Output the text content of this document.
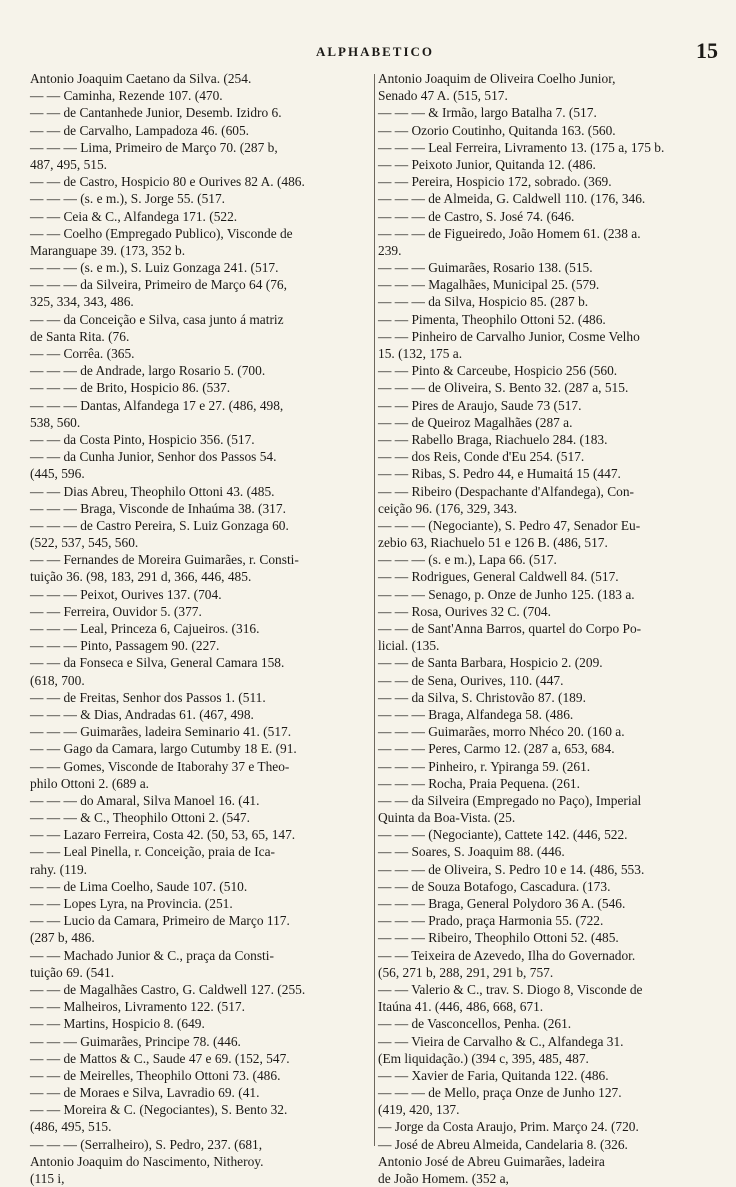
ALPHABETICO	15
Antonio Joaquim Caetano da Silva. (254.
— — Caminha, Rezende 107. (470.
— — de Cantanhede Junior, Desemb. Izidro 6.
— — de Carvalho, Lampadoza 46. (605.
— — — Lima, Primeiro de Março 70. (287 b,
487, 495, 515.
— — de Castro, Hospicio 80 e Ourives 82 A. (486.
— — — (s. e m.), S. Jorge 55. (517.
— — Ceia & C., Alfandega 171. (522.
— — Coelho (Empregado Publico), Visconde de
Maranguape 39. (173, 352 b.
— — — (s. e m.), S. Luiz Gonzaga 241. (517.
— — — da Silveira, Primeiro de Março 64 (76,
325, 334, 343, 486.
— — da Conceição e Silva, casa junto á matriz
de Santa Rita. (76.
— — Corrêa. (365.
— — — de Andrade, largo Rosario 5. (700.
— — — de Brito, Hospicio 86. (537.
— — — Dantas, Alfandega 17 e 27. (486, 498,
538, 560.
— — da Costa Pinto, Hospicio 356. (517.
— — da Cunha Junior, Senhor dos Passos 54.
(445, 596.
— — Dias Abreu, Theophilo Ottoni 43. (485.
— — — Braga, Visconde de Inhaúma 38. (317.
— — — de Castro Pereira, S. Luiz Gonzaga 60.
(522, 537, 545, 560.
— — Fernandes de Moreira Guimarães, r. Consti-
tuição 36. (98, 183, 291 d, 366, 446, 485.
— — — Peixot, Ourives 137. (704.
— — Ferreira, Ouvidor 5. (377.
— — — Leal, Princeza 6, Cajueiros. (316.
— — — Pinto, Passagem 90. (227.
— — da Fonseca e Silva, General Camara 158.
(618, 700.
— — de Freitas, Senhor dos Passos 1. (511.
— — — & Dias, Andradas 61. (467, 498.
— — — Guimarães, ladeira Seminario 41. (517.
— — Gago da Camara, largo Cutumby 18 E. (91.
— — Gomes, Visconde de Itaborahy 37 e Theo-
philo Ottoni 2. (689 a.
— — — do Amaral, Silva Manoel 16. (41.
— — — & C., Theophilo Ottoni 2. (547.
— — Lazaro Ferreira, Costa 42. (50, 53, 65, 147.
— — Leal Pinella, r. Conceição, praia de Ica-
rahy. (119.
— — de Lima Coelho, Saude 107. (510.
— — Lopes Lyra, na Provincia. (251.
— — Lucio da Camara, Primeiro de Março 117.
(287 b, 486.
— — Machado Junior & C., praça da Consti-
tuição 69. (541.
— — de Magalhães Castro, G. Caldwell 127. (255.
— — Malheiros, Livramento 122. (517.
— — Martins, Hospicio 8. (649.
— — — Guimarães, Principe 78. (446.
— — de Mattos & C., Saude 47 e 69. (152, 547.
— — de Meirelles, Theophilo Ottoni 73. (486.
— — de Moraes e Silva, Lavradio 69. (41.
— — Moreira & C. (Negociantes), S. Bento 32.
(486, 495, 515.
— — — (Serralheiro), S. Pedro, 237. (681,
Antonio Joaquim do Nascimento, Nitheroy.
(115 i,
Antonio Joaquim de Oliveira Coelho Junior,
Senado 47 A. (515, 517.
— — — & Irmão, largo Batalha 7. (517.
— — Ozorio Coutinho, Quitanda 163. (560.
— — — Leal Ferreira, Livramento 13. (175 a, 175 b.
— — Peixoto Junior, Quitanda 12. (486.
— — Pereira, Hospicio 172, sobrado. (369.
— — — de Almeida, G. Caldwell 110. (176, 346.
— — — de Castro, S. José 74. (646.
— — — de Figueiredo, João Homem 61. (238 a.
239.
— — — Guimarães, Rosario 138. (515.
— — — Magalhães, Municipal 25. (579.
— — — da Silva, Hospicio 85. (287 b.
— — Pimenta, Theophilo Ottoni 52. (486.
— — Pinheiro de Carvalho Junior, Cosme Velho
15. (132, 175 a.
— — Pinto & Carceube, Hospicio 256 (560.
— — — de Oliveira, S. Bento 32. (287 a, 515.
— — Pires de Araujo, Saude 73 (517.
— — de Queiroz Magalhães (287 a.
— — Rabello Braga, Riachuelo 284. (183.
— — dos Reis, Conde d'Eu 254. (517.
— — Ribas, S. Pedro 44, e Humaitá 15 (447.
— — Ribeiro (Despachante d'Alfandega), Con-
ceição 96. (176, 329, 343.
— — — (Negociante), S. Pedro 47, Senador Eu-
zebio 63, Riachuelo 51 e 126 B. (486, 517.
— — — (s. e m.), Lapa 66. (517.
— — Rodrigues, General Caldwell 84. (517.
— — — Senago, p. Onze de Junho 125. (183 a.
— — Rosa, Ourives 32 C. (704.
— — de Sant'Anna Barros, quartel do Corpo Po-
licial. (135.
— — de Santa Barbara, Hospicio 2. (209.
— — de Sena, Ourives, 110. (447.
— — da Silva, S. Christovão 87. (189.
— — — Braga, Alfandega 58. (486.
— — — Guimarães, morro Nhéco 20. (160 a.
— — — Peres, Carmo 12. (287 a, 653, 684.
— — — Pinheiro, r. Ypiranga 59. (261.
— — — Rocha, Praia Pequena. (261.
— — da Silveira (Empregado no Paço), Imperial
Quinta da Boa-Vista. (25.
— — — (Negociante), Cattete 142. (446, 522.
— — Soares, S. Joaquim 88. (446.
— — — de Oliveira, S. Pedro 10 e 14. (486, 553.
— — de Souza Botafogo, Cascadura. (173.
— — — Braga, General Polydoro 36 A. (546.
— — — Prado, praça Harmonia 55. (722.
— — — Ribeiro, Theophilo Ottoni 52. (485.
— — Teixeira de Azevedo, Ilha do Governador.
(56, 271 b, 288, 291, 291 b, 757.
— — Valerio & C., trav. S. Diogo 8, Visconde de
Itaúna 41. (446, 486, 668, 671.
— — de Vasconcellos, Penha. (261.
— — Vieira de Carvalho & C., Alfandega 31.
(Em liquidação.) (394 c, 395, 485, 487.
— — Xavier de Faria, Quitanda 122. (486.
— — — de Mello, praça Onze de Junho 127.
(419, 420, 137.
— Jorge da Costa Araujo, Prim. Março 24. (720.
— José de Abreu Almeida, Candelaria 8. (326.
Antonio José de Abreu Guimarães, ladeira
de João Homem. (352 a,
